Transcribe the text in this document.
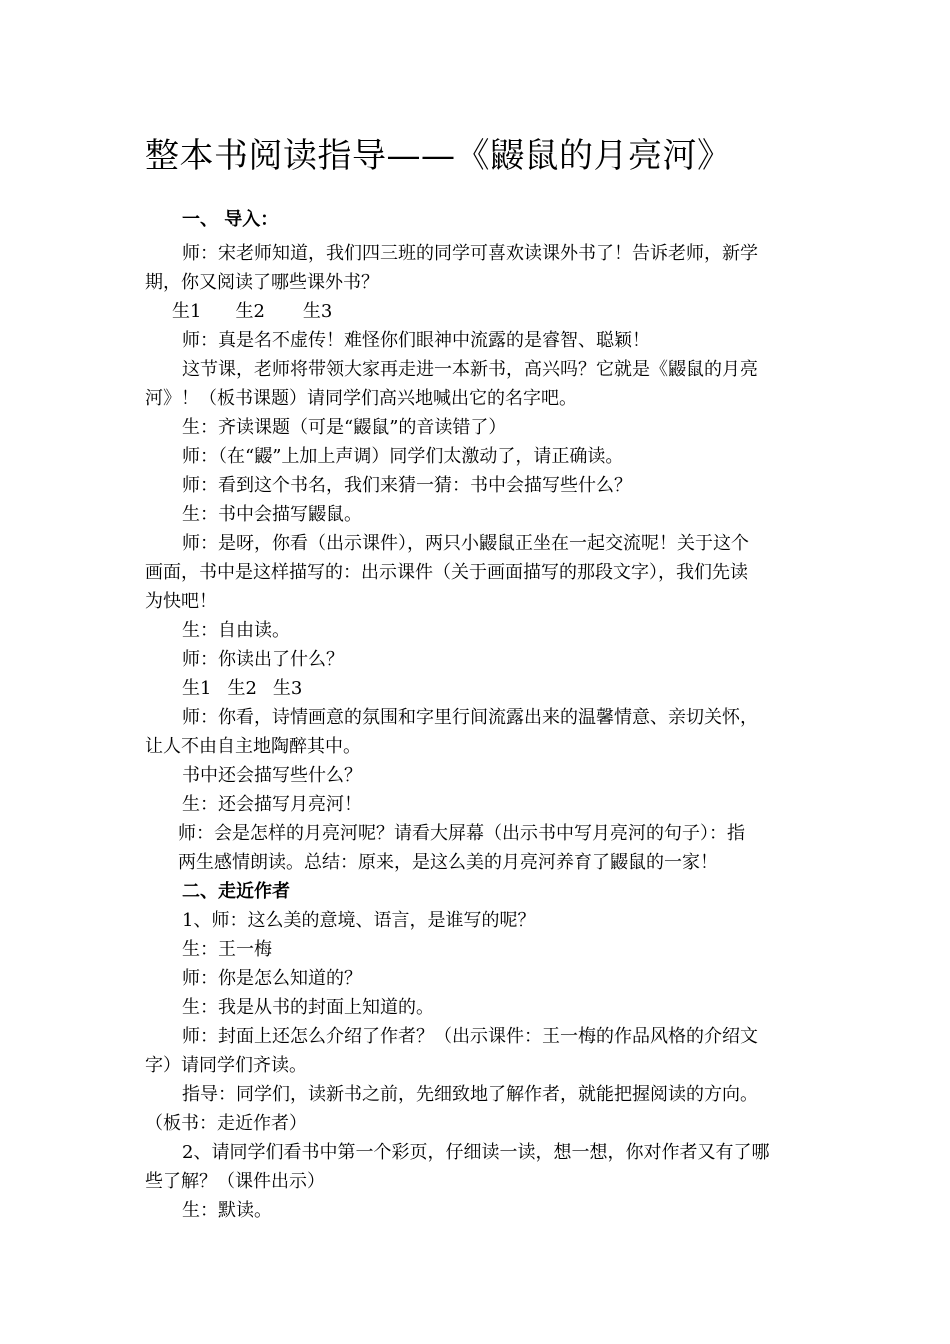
整本书阅读指导——《鼹鼠的月亮河》
一、 导入：
师：宋老师知道，我们四三班的同学可喜欢读课外书了！告诉老师，新学
期，你又阅读了哪些课外书？
生1 生2 生3
师：真是名不虚传！难怪你们眼神中流露的是睿智、聪颖！
这节课，老师将带领大家再走进一本新书，高兴吗？它就是《鼹鼠的月亮
河》！（板书课题）请同学们高兴地喊出它的名字吧。
生：齐读课题（可是“鼹鼠”的音读错了）
师：（在“鼹”上加上声调）同学们太激动了，请正确读。
师：看到这个书名，我们来猜一猜：书中会描写些什么？
生：书中会描写鼹鼠。
师：是呀，你看（出示课件），两只小鼹鼠正坐在一起交流呢！关于这个
画面，书中是这样描写的：出示课件（关于画面描写的那段文字），我们先读
为快吧！
生：自由读。
师：你读出了什么？
生1 生2 生3
师：你看，诗情画意的氛围和字里行间流露出来的温馨情意、亲切关怀，
让人不由自主地陶醉其中。
书中还会描写些什么？
生：还会描写月亮河！
师：会是怎样的月亮河呢？请看大屏幕（出示书中写月亮河的句子）：指
两生感情朗读。总结：原来，是这么美的月亮河养育了鼹鼠的一家！
二、走近作者
1、师：这么美的意境、语言，是谁写的呢？
生：王一梅
师：你是怎么知道的？
生：我是从书的封面上知道的。
师：封面上还怎么介绍了作者？（出示课件：王一梅的作品风格的介绍文
字）请同学们齐读。
指导：同学们，读新书之前，先细致地了解作者，就能把握阅读的方向。
（板书：走近作者）
2、请同学们看书中第一个彩页，仔细读一读，想一想，你对作者又有了哪
些了解？（课件出示）
生：默读。
